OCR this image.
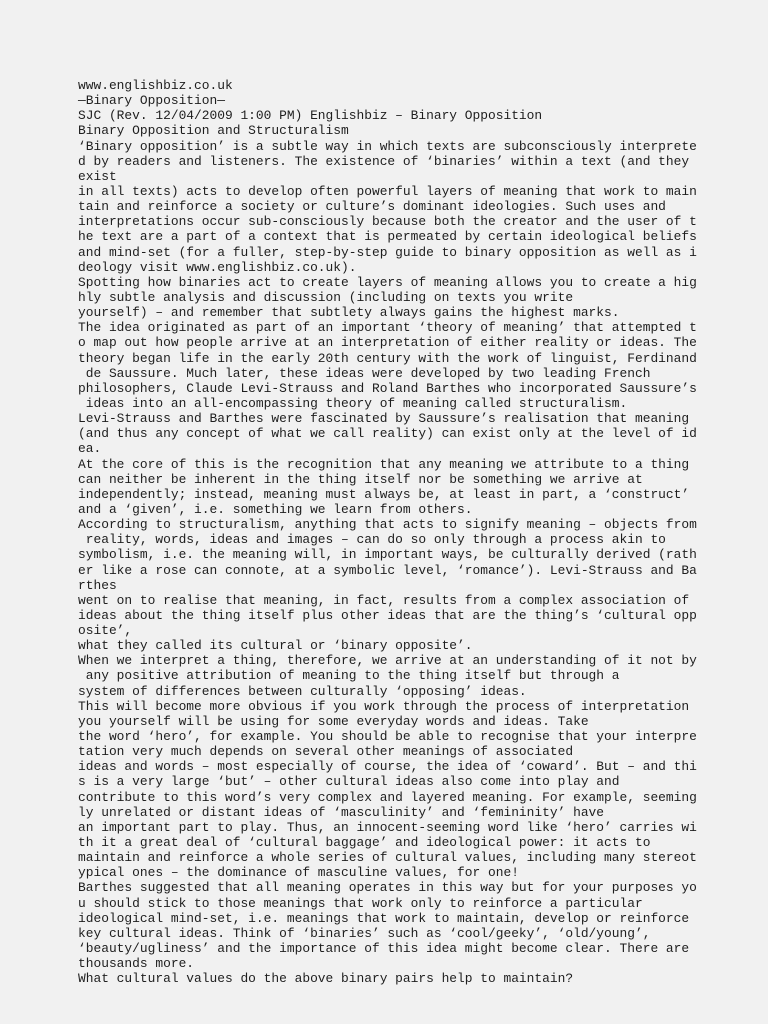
www.englishbiz.co.uk
—Binary Opposition—
SJC (Rev. 12/04/2009 1:00 PM) Englishbiz – Binary Opposition
Binary Opposition and Structuralism
‘Binary opposition’ is a subtle way in which texts are subconsciously interprete
d by readers and listeners. The existence of ‘binaries’ within a text (and they
exist
in all texts) acts to develop often powerful layers of meaning that work to main
tain and reinforce a society or culture’s dominant ideologies. Such uses and
interpretations occur sub-consciously because both the creator and the user of t
he text are a part of a context that is permeated by certain ideological beliefs
and mind-set (for a fuller, step-by-step guide to binary opposition as well as i
deology visit www.englishbiz.co.uk).
Spotting how binaries act to create layers of meaning allows you to create a hig
hly subtle analysis and discussion (including on texts you write
yourself) – and remember that subtlety always gains the highest marks.
The idea originated as part of an important ‘theory of meaning’ that attempted t
o map out how people arrive at an interpretation of either reality or ideas. The
theory began life in the early 20th century with the work of linguist, Ferdinand
de Saussure. Much later, these ideas were developed by two leading French
philosophers, Claude Levi-Strauss and Roland Barthes who incorporated Saussure’s
ideas into an all-encompassing theory of meaning called structuralism.
Levi-Strauss and Barthes were fascinated by Saussure’s realisation that meaning
(and thus any concept of what we call reality) can exist only at the level of id
ea.
At the core of this is the recognition that any meaning we attribute to a thing
can neither be inherent in the thing itself nor be something we arrive at
independently; instead, meaning must always be, at least in part, a ‘construct’
and a ‘given’, i.e. something we learn from others.
According to structuralism, anything that acts to signify meaning – objects from
reality, words, ideas and images – can do so only through a process akin to
symbolism, i.e. the meaning will, in important ways, be culturally derived (rath
er like a rose can connote, at a symbolic level, ‘romance’). Levi-Strauss and Ba
rthes
went on to realise that meaning, in fact, results from a complex association of
ideas about the thing itself plus other ideas that are the thing’s ‘cultural opp
osite’,
what they called its cultural or ‘binary opposite’.
When we interpret a thing, therefore, we arrive at an understanding of it not by
any positive attribution of meaning to the thing itself but through a
system of differences between culturally ‘opposing’ ideas.
This will become more obvious if you work through the process of interpretation
you yourself will be using for some everyday words and ideas. Take
the word ‘hero’, for example. You should be able to recognise that your interpre
tation very much depends on several other meanings of associated
ideas and words – most especially of course, the idea of ‘coward’. But – and thi
s is a very large ‘but’ – other cultural ideas also come into play and
contribute to this word’s very complex and layered meaning. For example, seeming
ly unrelated or distant ideas of ‘masculinity’ and ‘femininity’ have
an important part to play. Thus, an innocent-seeming word like ‘hero’ carries wi
th it a great deal of ‘cultural baggage’ and ideological power: it acts to
maintain and reinforce a whole series of cultural values, including many stereot
ypical ones – the dominance of masculine values, for one!
Barthes suggested that all meaning operates in this way but for your purposes yo
u should stick to those meanings that work only to reinforce a particular
ideological mind-set, i.e. meanings that work to maintain, develop or reinforce
key cultural ideas. Think of ‘binaries’ such as ‘cool/geeky’, ‘old/young’,
‘beauty/ugliness’ and the importance of this idea might become clear. There are
thousands more.
What cultural values do the above binary pairs help to maintain?
